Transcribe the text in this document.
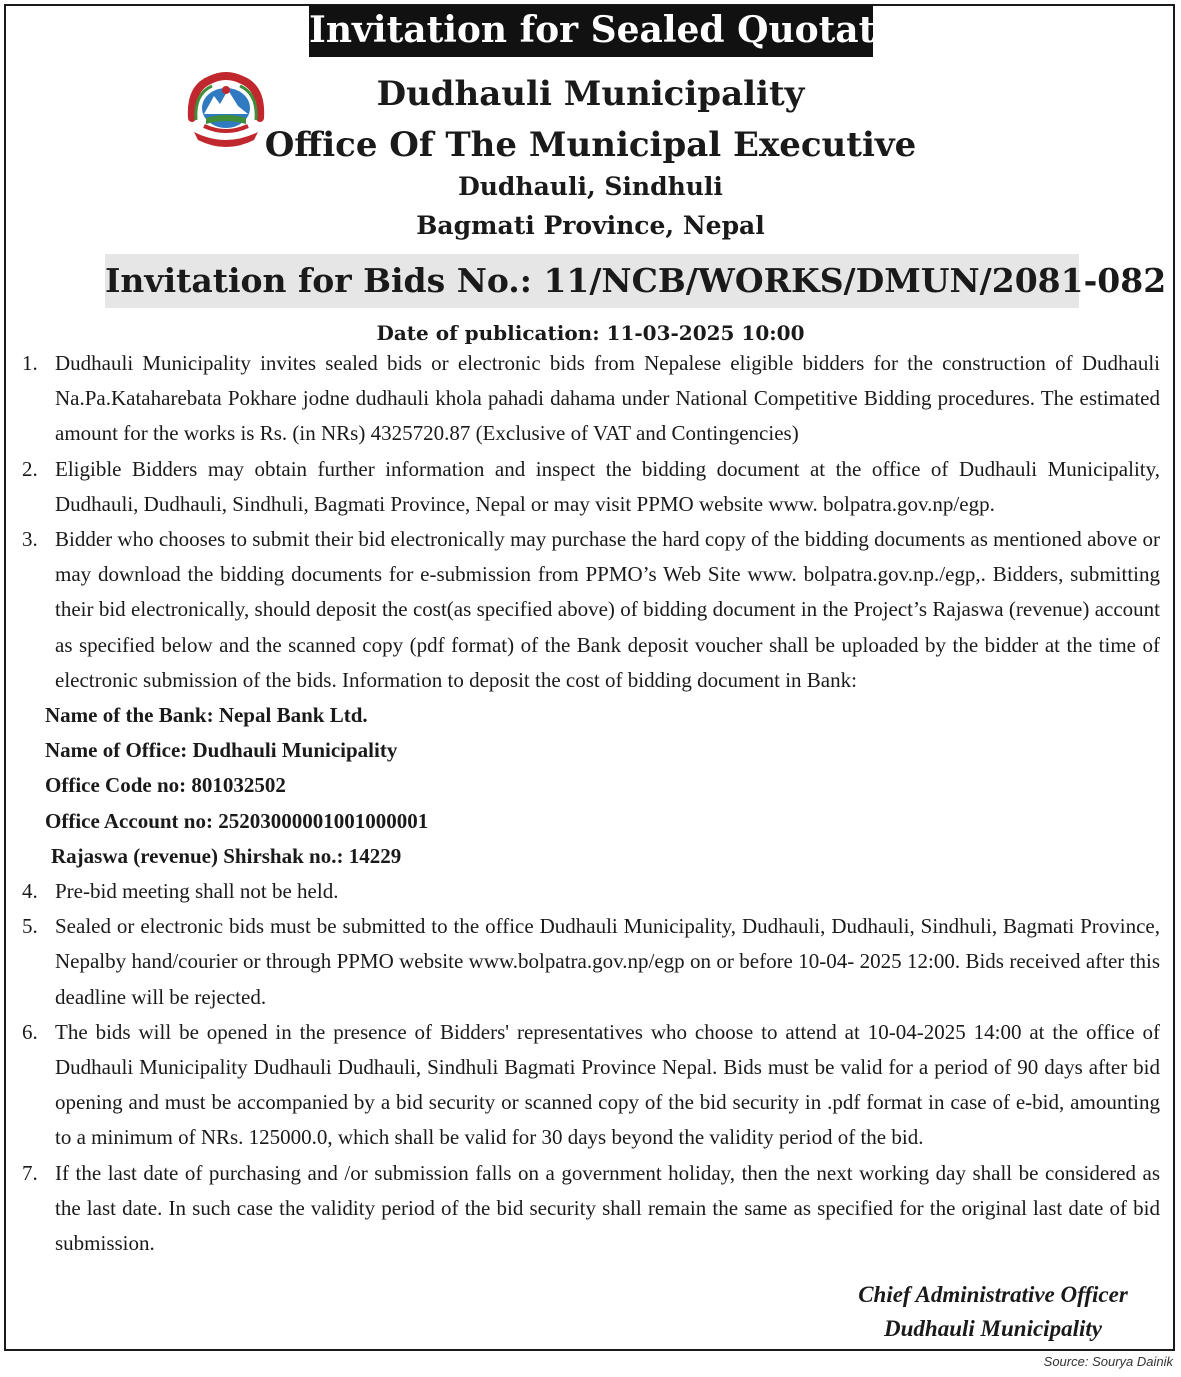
Invitation for Sealed Quotation
Dudhauli Municipality
Office Of The Municipal Executive
Dudhauli, Sindhuli
Bagmati Province, Nepal
Invitation for Bids No.: 11/NCB/WORKS/DMUN/2081-082
Date of publication: 11-03-2025 10:00
1. Dudhauli Municipality invites sealed bids or electronic bids from Nepalese eligible bidders for the construction of Dudhauli Na.Pa.Kataharebata Pokhare jodne dudhauli khola pahadi dahama under National Competitive Bidding procedures. The estimated amount for the works is Rs. (in NRs) 4325720.87 (Exclusive of VAT and Contingencies)
2. Eligible Bidders may obtain further information and inspect the bidding document at the office of Dudhauli Municipality, Dudhauli, Dudhauli, Sindhuli, Bagmati Province, Nepal or may visit PPMO website www. bolpatra.gov.np/egp.
3. Bidder who chooses to submit their bid electronically may purchase the hard copy of the bidding documents as mentioned above or may download the bidding documents for e-submission from PPMO’s Web Site www. bolpatra.gov.np./egp,. Bidders, submitting their bid electronically, should deposit the cost(as specified above) of bidding document in the Project’s Rajaswa (revenue) account as specified below and the scanned copy (pdf format) of the Bank deposit voucher shall be uploaded by the bidder at the time of electronic submission of the bids. Information to deposit the cost of bidding document in Bank:
Name of the Bank: Nepal Bank Ltd.
Name of Office: Dudhauli Municipality
Office Code no: 801032502
Office Account no: 25203000001001000001
Rajaswa (revenue) Shirshak no.: 14229
4. Pre-bid meeting shall not be held.
5. Sealed or electronic bids must be submitted to the office Dudhauli Municipality, Dudhauli, Dudhauli, Sindhuli, Bagmati Province, Nepalby hand/courier or through PPMO website www.bolpatra.gov.np/egp on or before 10-04- 2025 12:00. Bids received after this deadline will be rejected.
6. The bids will be opened in the presence of Bidders' representatives who choose to attend at 10-04-2025 14:00 at the office of Dudhauli Municipality Dudhauli Dudhauli, Sindhuli Bagmati Province Nepal. Bids must be valid for a period of 90 days after bid opening and must be accompanied by a bid security or scanned copy of the bid security in .pdf format in case of e-bid, amounting to a minimum of NRs. 125000.0, which shall be valid for 30 days beyond the validity period of the bid.
7. If the last date of purchasing and /or submission falls on a government holiday, then the next working day shall be considered as the last date. In such case the validity period of the bid security shall remain the same as specified for the original last date of bid submission.
Chief Administrative Officer
Dudhauli Municipality
Source: Sourya Dainik
